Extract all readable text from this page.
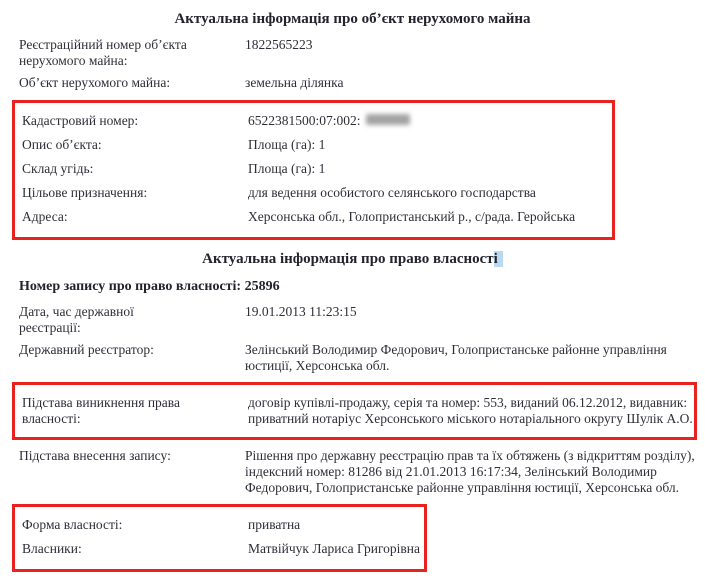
Актуальна інформація про об’єкт нерухомого майна
Реєстраційний номер об’єкта нерухомого майна:
1822565223
Об’єкт нерухомого майна:	земельна ділянка
Кадастровий номер:	6522381500:07:002:
Опис об’єкта:	Площа (га): 1
Склад угідь:	Площа (га): 1
Цільове призначення:	для ведення особистого селянського господарства
Адреса:	Херсонська обл., Голопристанський р., с/рада. Геройська
Актуальна інформація про право власності
Номер запису про право власності: 25896
Дата, час державної реєстрації:
19.01.2013 11:23:15
Державний реєстратор:	Зелінський Володимир Федорович, Голопристанське районне управління юстиції, Херсонська обл.
Підстава виникнення права власності:
договір купівлі-продажу, серія та номер: 553, виданий 06.12.2012, видавник: приватний нотаріус Херсонського міського нотаріального округу Шулік А.О.
Підстава внесення запису:	Рішення про державну реєстрацію прав та їх обтяжень (з відкриттям розділу), індексний номер: 81286 від 21.01.2013 16:17:34, Зелінський Володимир Федорович, Голопристанське районне управління юстиції, Херсонська обл.
Форма власності:	приватна
Власники:	Матвійчук Лариса Григорівна
